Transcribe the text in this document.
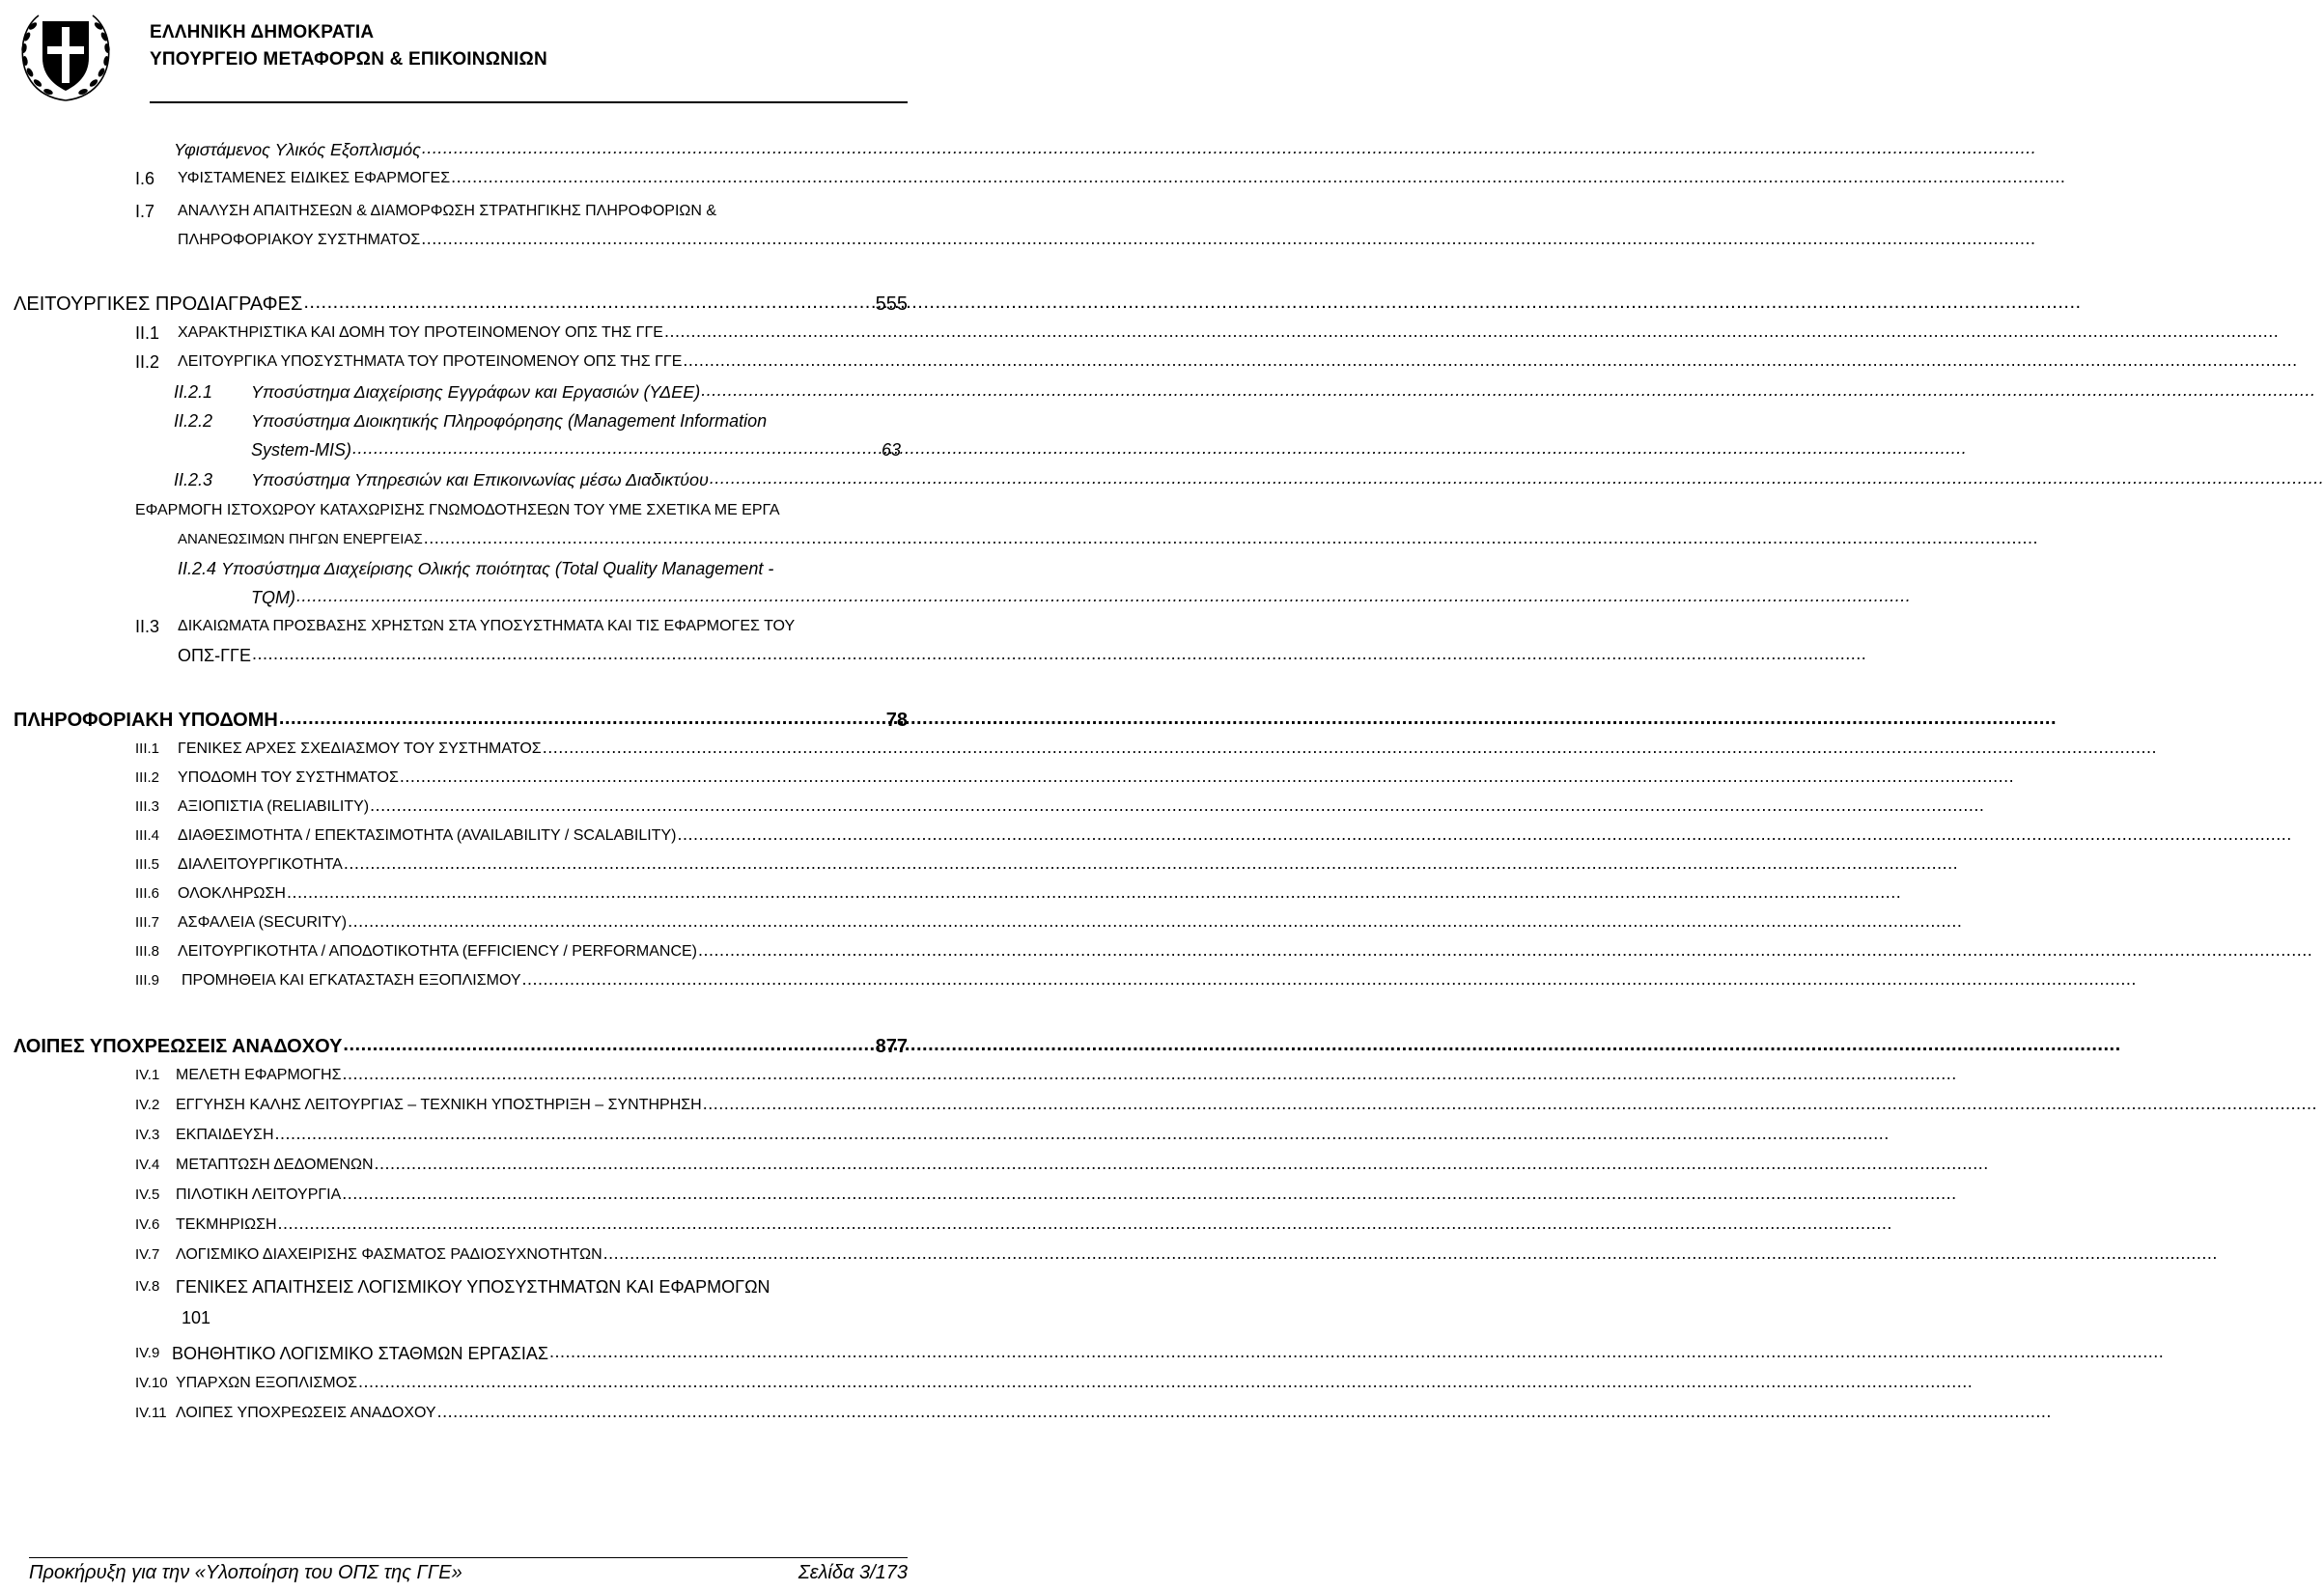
ΕΛΛΗΝΙΚΗ ΔΗΜΟΚΡΑΤΙΑ
ΥΠΟΥΡΓΕΙΟ ΜΕΤΑΦΟΡΩΝ & ΕΠΙΚΟΙΝΩΝΙΩΝ
Υφιστάμενος Υλικός Εξοπλισμός
.....
I.6	ΥΦΙΣΤΑΜΕΝΕΣ ΕΙΔΙΚΕΣ ΕΦΑΡΜΟΓΕΣ
.....
I.7	ΑΝΑΛΥΣΗ ΑΠΑΙΤΗΣΕΩΝ & ΔΙΑΜΟΡΦΩΣΗ ΣΤΡΑΤΗΓΙΚΗΣ ΠΛΗΡΟΦΟΡΙΩΝ &
ΠΛΗΡΟΦΟΡΙΑΚΟΥ ΣΥΣΤΗΜΑΤΟΣ
.....
ΛΕΙΤΟΥΡΓΙΚΕΣ ΠΡΟΔΙΑΓΡΑΦΕΣ .....	555
II.1	ΧΑΡΑΚΤΗΡΙΣΤΙΚΑ ΚΑΙ ΔΟΜΗ ΤΟΥ ΠΡΟΤΕΙΝΟΜΕΝΟΥ ΟΠΣ ΤΗΣ ΓΓΕ
.....
II.2	ΛΕΙΤΟΥΡΓΙΚΑ ΥΠΟΣΥΣΤΗΜΑΤΑ ΤΟΥ ΠΡΟΤΕΙΝΟΜΕΝΟΥ ΟΠΣ ΤΗΣ ΓΓΕ
.....
II.2.1	Υποσύστημα Διαχείρισης Εγγράφων και Εργασιών (ΥΔΕΕ)
.....
II.2.2	Υποσύστημα Διοικητικής Πληροφόρησης (Management Information
System-MIS) .....	63
II.2.3	Υποσύστημα Υπηρεσιών και Επικοινωνίας μέσω Διαδικτύου
.....
ΕΦΑΡΜΟΓΗ ΙΣΤΟΧΩΡΟΥ ΚΑΤΑΧΩΡΙΣΗΣ ΓΝΩΜΟΔΟΤΗΣΕΩΝ ΤΟΥ ΥΜΕ ΣΧΕΤΙΚΑ ΜΕ ΕΡΓΑ
ΑΝΑΝΕΩΣΙΜΩΝ ΠΗΓΩΝ ΕΝΕΡΓΕΙΑΣ
.....
II.2.4 Υποσύστημα Διαχείρισης Ολικής ποιότητας (Total Quality Management -
TQM)
.....
II.3	ΔΙΚΑΙΩΜΑΤΑ ΠΡΟΣΒΑΣΗΣ ΧΡΗΣΤΩΝ ΣΤΑ ΥΠΟΣΥΣΤΗΜΑΤΑ ΚΑΙ ΤΙΣ ΕΦΑΡΜΟΓΕΣ ΤΟΥ
ΟΠΣ-ΓΓΕ
.....
ΠΛΗΡΟΦΟΡΙΑΚΗ ΥΠΟΔΟΜΗ .....	78
III.1	ΓΕΝΙΚΕΣ ΑΡΧΕΣ ΣΧΕΔΙΑΣΜΟΥ ΤΟΥ ΣΥΣΤΗΜΑΤΟΣ
.....
III.2	ΥΠΟΔΟΜΗ ΤΟΥ ΣΥΣΤΗΜΑΤΟΣ
.....
III.3	ΑΞΙΟΠΙΣΤΙΑ (RELIABILITY)
.....
III.4	ΔΙΑΘΕΣΙΜΟΤΗΤΑ / ΕΠΕΚΤΑΣΙΜΟΤΗΤΑ (AVAILABILITY / SCALABILITY)
.....
III.5	ΔΙΑΛΕΙΤΟΥΡΓΙΚΟΤΗΤΑ
.....
III.6	ΟΛΟΚΛΗΡΩΣΗ
.....
III.7	ΑΣΦΑΛΕΙΑ (SECURITY)
.....
III.8	ΛΕΙΤΟΥΡΓΙΚΟΤΗΤΑ / ΑΠΟΔΟΤΙΚΟΤΗΤΑ (EFFICIENCY / PERFORMANCE)
.....
III.9	ΠΡΟΜΗΘΕΙΑ ΚΑΙ ΕΓΚΑΤΑΣΤΑΣΗ ΕΞΟΠΛΙΣΜΟΥ
.....
ΛΟΙΠΕΣ ΥΠΟΧΡΕΩΣΕΙΣ ΑΝΑΔΟΧΟΥ .....	877
IV.1	ΜΕΛΕΤΗ ΕΦΑΡΜΟΓΗΣ
.....
IV.2	ΕΓΓΥΗΣΗ ΚΑΛΗΣ ΛΕΙΤΟΥΡΓΙΑΣ – ΤΕΧΝΙΚΗ ΥΠΟΣΤΗΡΙΞΗ – ΣΥΝΤΗΡΗΣΗ
.....
IV.3	ΕΚΠΑΙΔΕΥΣΗ
.....
IV.4	ΜΕΤΑΠΤΩΣΗ ΔΕΔΟΜΕΝΩΝ
.....
IV.5	ΠΙΛΟΤΙΚΗ ΛΕΙΤΟΥΡΓΙΑ
.....
IV.6	ΤΕΚΜΗΡΙΩΣΗ
.....
IV.7	ΛΟΓΙΣΜΙΚΟ ΔΙΑΧΕΙΡΙΣΗΣ ΦΑΣΜΑΤΟΣ ΡΑΔΙΟΣΥΧΝΟΤΗΤΩΝ
.....
IV.8 ΓΕΝΙΚΕΣ ΑΠΑΙΤΗΣΕΙΣ ΛΟΓΙΣΜΙΚΟΥ ΥΠΟΣΥΣΤΗΜΑΤΩΝ ΚΑΙ ΕΦΑΡΜΟΓΩΝ
101
IV.9 ΒΟΗΘΗΤΙΚΟ ΛΟΓΙΣΜΙΚΟ ΣΤΑΘΜΩΝ ΕΡΓΑΣΙΑΣ
.....
IV.10 ΥΠΑΡΧΩΝ ΕΞΟΠΛΙΣΜΟΣ
.....
IV.11 ΛΟΙΠΕΣ ΥΠΟΧΡΕΩΣΕΙΣ ΑΝΑΔΟΧΟΥ
.....
Προκήρυξη για την «Υλοποίηση του ΟΠΣ της ΓΓΕ»	Σελίδα 3/173
